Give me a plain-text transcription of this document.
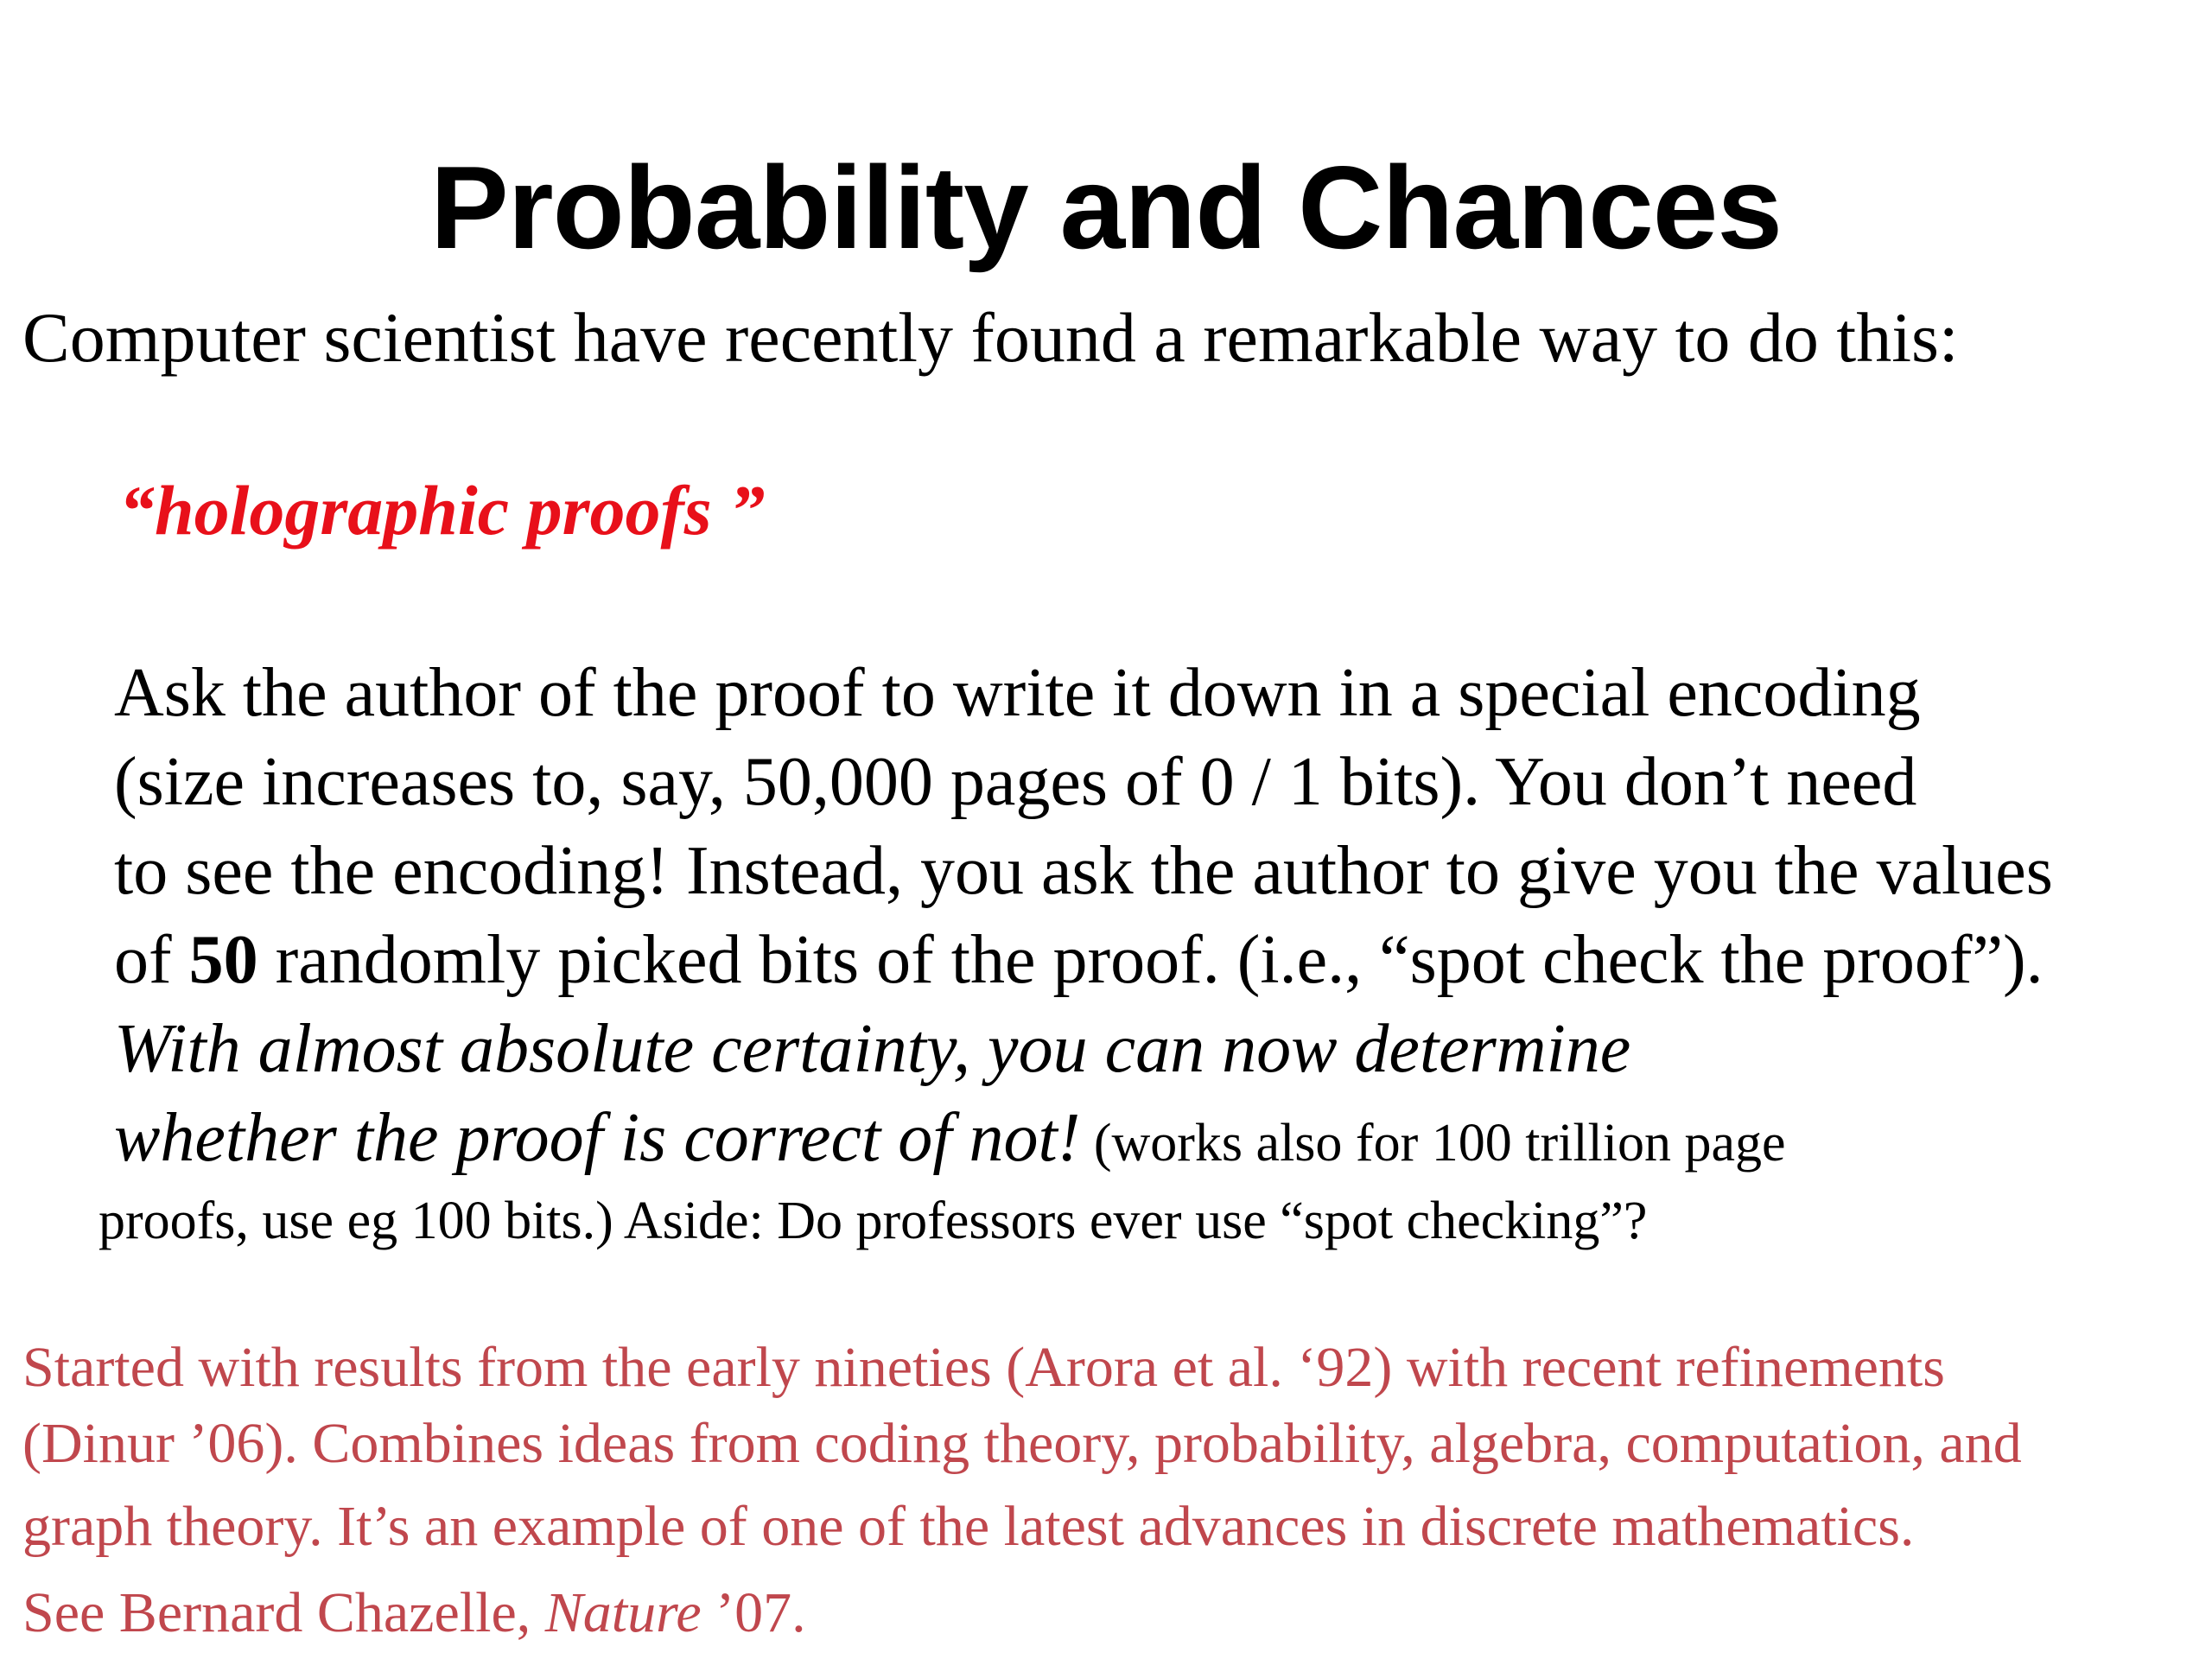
Probability and Chances

Computer scientist have recently found a remarkable way to do this:

“holographic proofs ”

Ask the author of the proof to write it down in a special encoding

(size increases to, say, 50,000 pages of 0 / 1 bits). You don’t need

to see the encoding! Instead, you ask the author to give you the values

of 50 randomly picked bits of the proof. (i.e., “spot check the proof”).

With almost absolute certainty, you can now determine

whether the proof is correct of not! (works also for 100 trillion page

proofs, use eg 100 bits.) Aside: Do professors ever use “spot checking”?

Started with results from the early nineties (Arora et al. ‘92) with recent refinements

(Dinur ’06). Combines ideas from coding theory, probability, algebra, computation, and

graph theory. It’s an example of one of the latest advances in discrete mathematics.

See Bernard Chazelle, Nature ’07.
